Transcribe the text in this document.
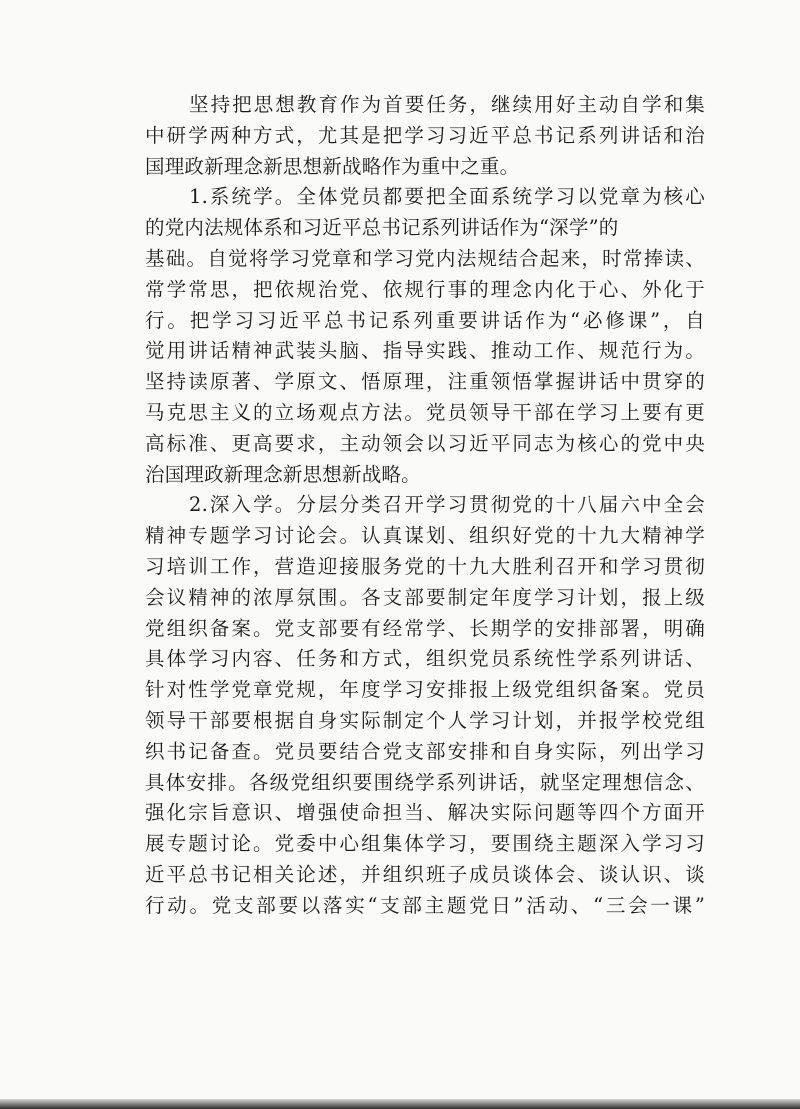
坚持把思想教育作为首要任务，继续用好主动自学和集
中研学两种方式，尤其是把学习习近平总书记系列讲话和治
国理政新理念新思想新战略作为重中之重。
1.系统学。全体党员都要把全面系统学习以党章为核心
的党内法规体系和习近平总书记系列讲话作为“深学”的
基础。自觉将学习党章和学习党内法规结合起来，时常捧读、
常学常思，把依规治党、依规行事的理念内化于心、外化于
行。把学习习近平总书记系列重要讲话作为“必修课”，自
觉用讲话精神武装头脑、指导实践、推动工作、规范行为。
坚持读原著、学原文、悟原理，注重领悟掌握讲话中贯穿的
马克思主义的立场观点方法。党员领导干部在学习上要有更
高标准、更高要求，主动领会以习近平同志为核心的党中央
治国理政新理念新思想新战略。
2.深入学。分层分类召开学习贯彻党的十八届六中全会
精神专题学习讨论会。认真谋划、组织好党的十九大精神学
习培训工作，营造迎接服务党的十九大胜利召开和学习贯彻
会议精神的浓厚氛围。各支部要制定年度学习计划，报上级
党组织备案。党支部要有经常学、长期学的安排部署，明确
具体学习内容、任务和方式，组织党员系统性学系列讲话、
针对性学党章党规，年度学习安排报上级党组织备案。党员
领导干部要根据自身实际制定个人学习计划，并报学校党组
织书记备查。党员要结合党支部安排和自身实际，列出学习
具体安排。各级党组织要围绕学系列讲话，就坚定理想信念、
强化宗旨意识、增强使命担当、解决实际问题等四个方面开
展专题讨论。党委中心组集体学习，要围绕主题深入学习习
近平总书记相关论述，并组织班子成员谈体会、谈认识、谈
行动。党支部要以落实“支部主题党日”活动、“三会一课”
